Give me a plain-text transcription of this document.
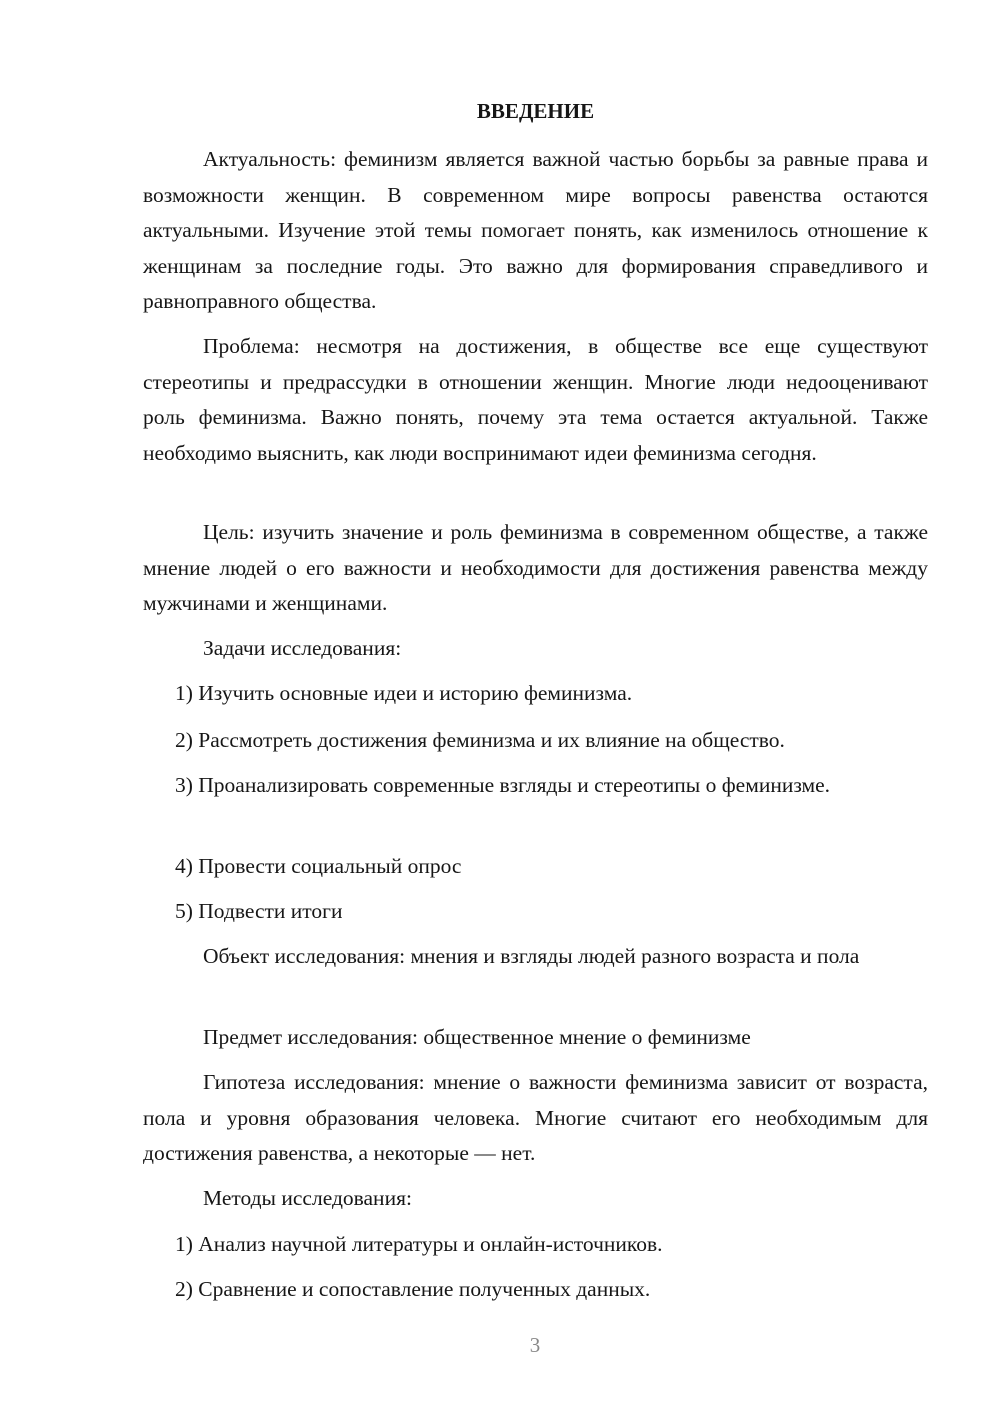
ВВЕДЕНИЕ

Актуальность: феминизм является важной частью борьбы за равные права и возможности женщин. В современном мире вопросы равенства остаются актуальными. Изучение этой темы помогает понять, как изменилось отношение к женщинам за последние годы. Это важно для формирования справедливого и равноправного общества.

Проблема: несмотря на достижения, в обществе все еще существуют стереотипы и предрассудки в отношении женщин. Многие люди недооценивают роль феминизма. Важно понять, почему эта тема остается актуальной. Также необходимо выяснить, как люди воспринимают идеи феминизма сегодня.

Цель: изучить значение и роль феминизма в современном обществе, а также мнение людей о его важности и необходимости для достижения равенства между мужчинами и женщинами.

Задачи исследования:

1) Изучить основные идеи и историю феминизма.

2) Рассмотреть достижения феминизма и их влияние на общество.

3) Проанализировать современные взгляды и стереотипы о феминизме.

4) Провести социальный опрос

5) Подвести итоги

Объект исследования: мнения и взгляды людей разного возраста и пола

Предмет исследования: общественное мнение о феминизме

Гипотеза исследования: мнение о важности феминизма зависит от возраста, пола и уровня образования человека. Многие считают его необходимым для достижения равенства, а некоторые — нет.

Методы исследования:

1) Анализ научной литературы и онлайн-источников.

2) Сравнение и сопоставление полученных данных.

3
